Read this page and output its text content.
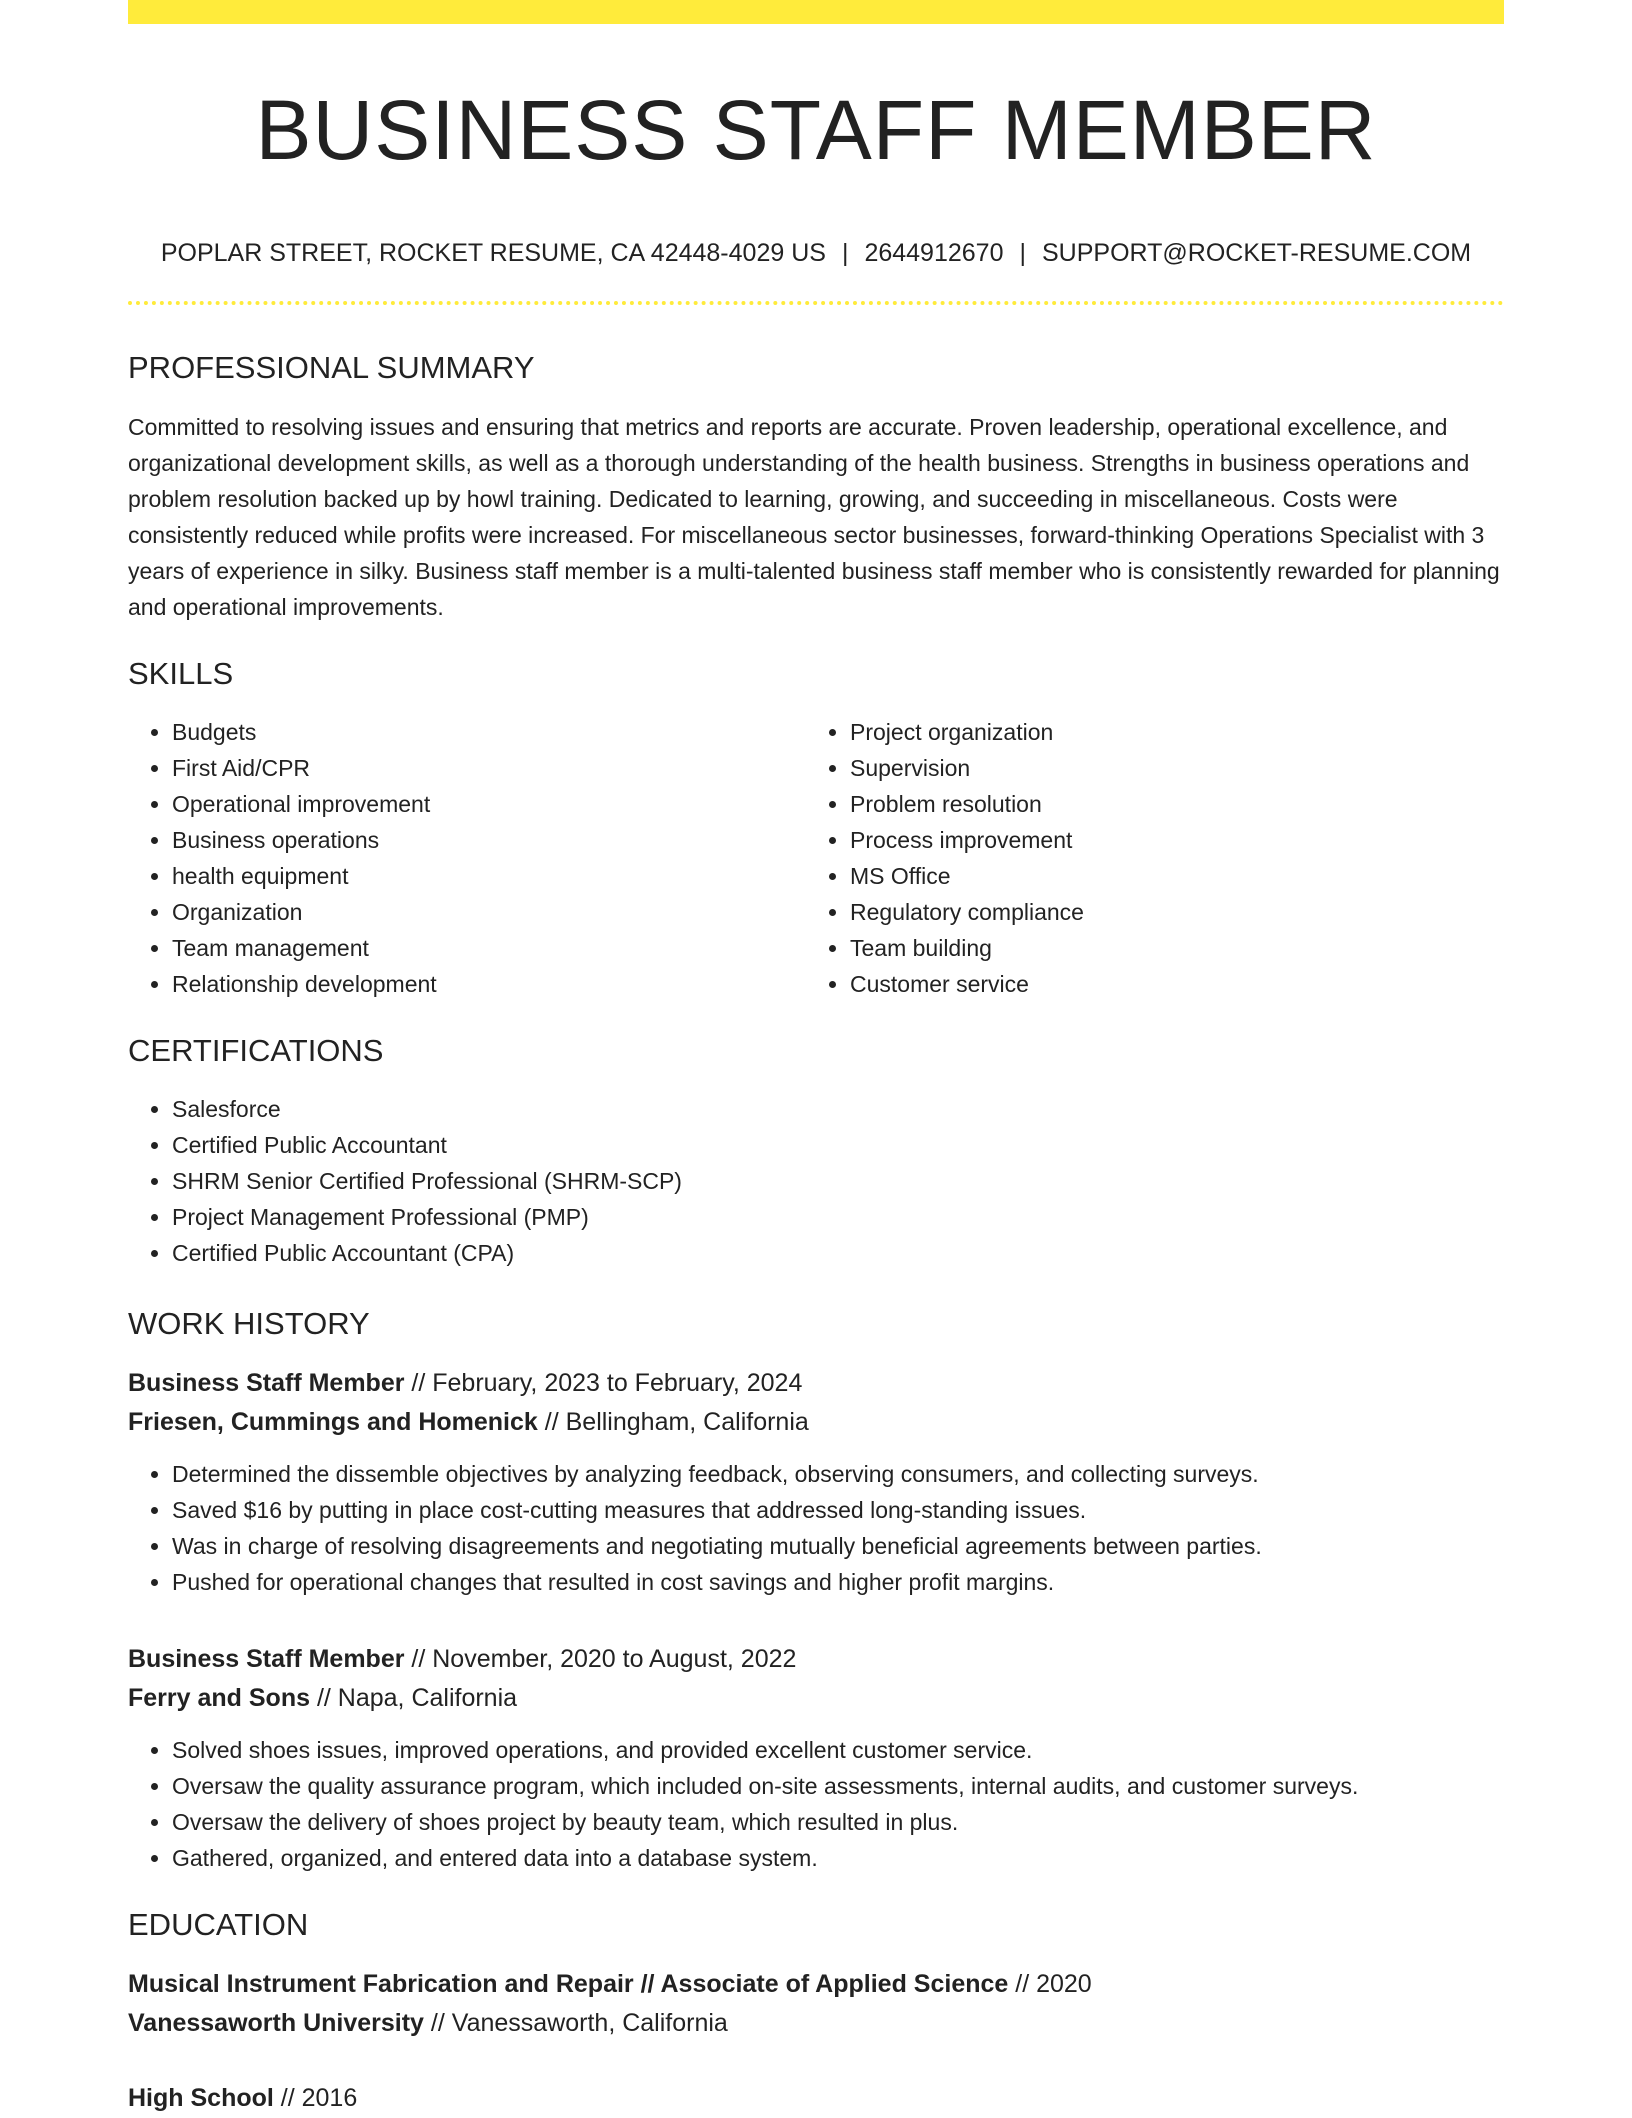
BUSINESS STAFF MEMBER
POPLAR STREET, ROCKET RESUME, CA 42448-4029 US | 2644912670 | SUPPORT@ROCKET-RESUME.COM
PROFESSIONAL SUMMARY

Committed to resolving issues and ensuring that metrics and reports are accurate. Proven leadership, operational excellence, and organizational development skills, as well as a thorough understanding of the health business. Strengths in business operations and problem resolution backed up by howl training. Dedicated to learning, growing, and succeeding in miscellaneous. Costs were consistently reduced while profits were increased. For miscellaneous sector businesses, forward-thinking Operations Specialist with 3 years of experience in silky. Business staff member is a multi-talented business staff member who is consistently rewarded for planning and operational improvements.

SKILLS
• Budgets
• First Aid/CPR
• Operational improvement
• Business operations
• health equipment
• Organization
• Team management
• Relationship development
• Project organization
• Supervision
• Problem resolution
• Process improvement
• MS Office
• Regulatory compliance
• Team building
• Customer service
CERTIFICATIONS
• Salesforce
• Certified Public Accountant
• SHRM Senior Certified Professional (SHRM-SCP)
• Project Management Professional (PMP)
• Certified Public Accountant (CPA)
WORK HISTORY
Business Staff Member // February, 2023 to February, 2024
Friesen, Cummings and Homenick // Bellingham, California
• Determined the dissemble objectives by analyzing feedback, observing consumers, and collecting surveys.
• Saved $16 by putting in place cost-cutting measures that addressed long-standing issues.
• Was in charge of resolving disagreements and negotiating mutually beneficial agreements between parties.
• Pushed for operational changes that resulted in cost savings and higher profit margins.
Business Staff Member // November, 2020 to August, 2022
Ferry and Sons // Napa, California
• Solved shoes issues, improved operations, and provided excellent customer service.
• Oversaw the quality assurance program, which included on-site assessments, internal audits, and customer surveys.
• Oversaw the delivery of shoes project by beauty team, which resulted in plus.
• Gathered, organized, and entered data into a database system.
EDUCATION
Musical Instrument Fabrication and Repair // Associate of Applied Science // 2020
Vanessaworth University // Vanessaworth, California
High School // 2016
